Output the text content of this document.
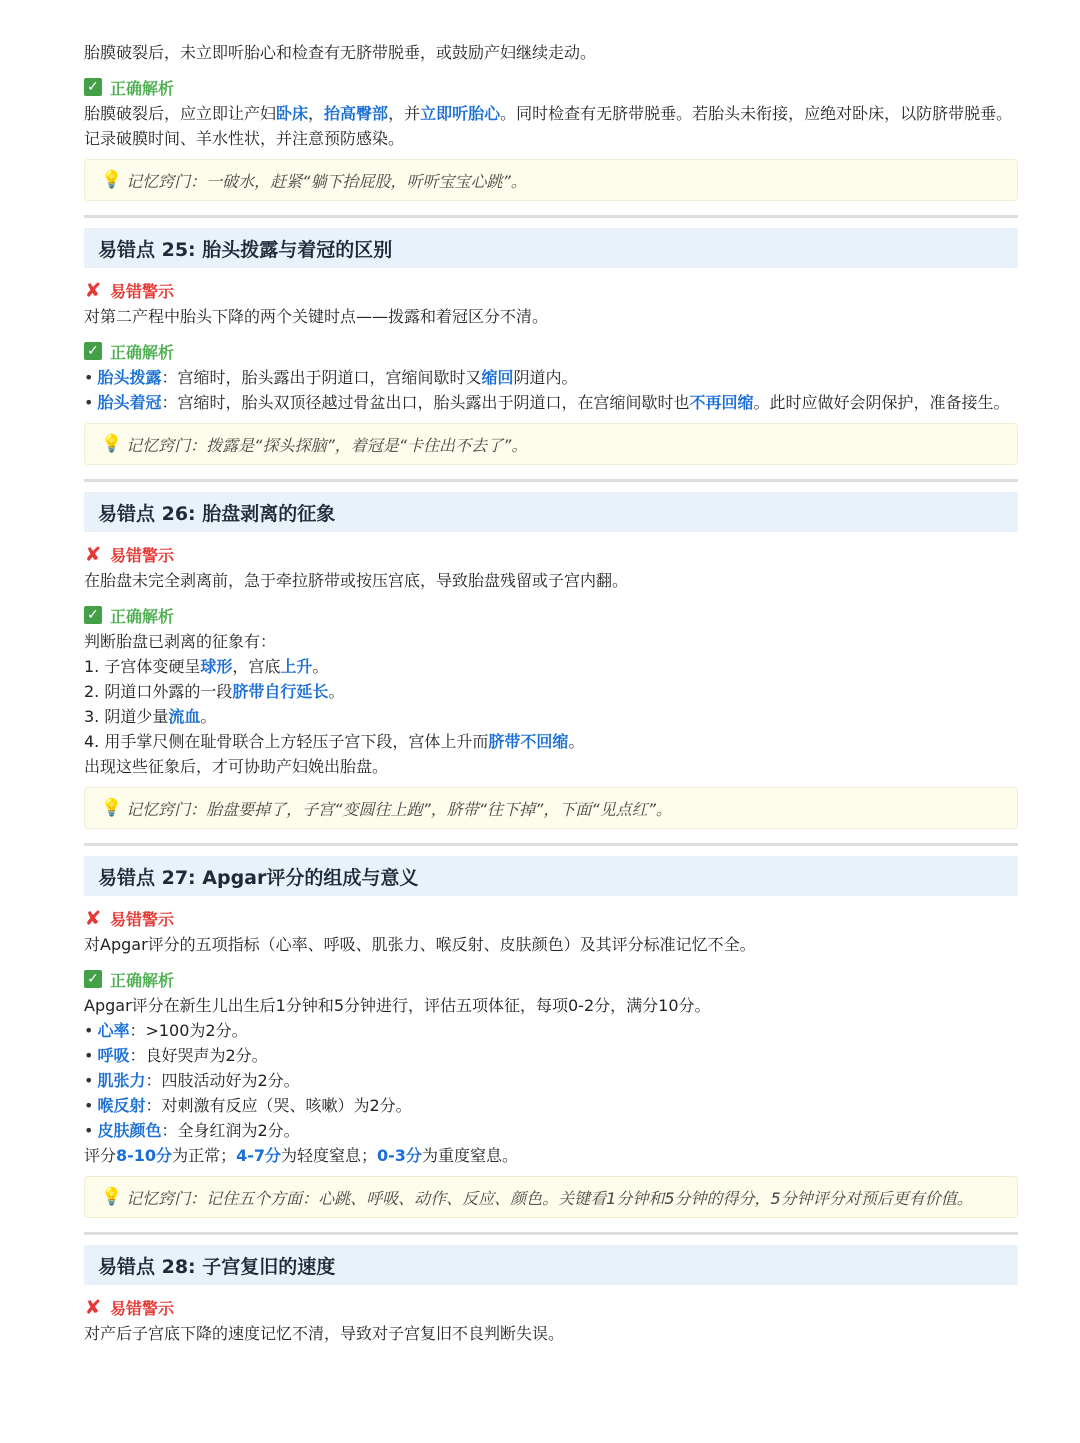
胎膜破裂后，未立即听胎心和检查有无脐带脱垂，或鼓励产妇继续走动。

✓ 正确解析

胎膜破裂后，应立即让产妇卧床，抬高臀部，并立即听胎心。同时检查有无脐带脱垂。若胎头未衔接，应绝对卧床，以防脐带脱垂。记录破膜时间、羊水性状，并注意预防感染。

💡 记忆窍门：一破水，赶紧“躺下抬屁股，听听宝宝心跳”。
易错点 25: 胎头拨露与着冠的区别
✘ 易错警示

对第二产程中胎头下降的两个关键时点——拨露和着冠区分不清。

✓ 正确解析

• 胎头拨露：宫缩时，胎头露出于阴道口，宫缩间歇时又缩回阴道内。

• 胎头着冠：宫缩时，胎头双顶径越过骨盆出口，胎头露出于阴道口，在宫缩间歇时也不再回缩。此时应做好会阴保护，准备接生。

💡 记忆窍门：拨露是“探头探脑”，着冠是“卡住出不去了”。
易错点 26: 胎盘剥离的征象
✘ 易错警示

在胎盘未完全剥离前，急于牵拉脐带或按压宫底，导致胎盘残留或子宫内翻。

✓ 正确解析

判断胎盘已剥离的征象有：

1. 子宫体变硬呈球形，宫底上升。

2. 阴道口外露的一段脐带自行延长。

3. 阴道少量流血。

4. 用手掌尺侧在耻骨联合上方轻压子宫下段，宫体上升而脐带不回缩。

出现这些征象后，才可协助产妇娩出胎盘。

💡 记忆窍门：胎盘要掉了，子宫“变圆往上跑”，脐带“往下掉”，下面“见点红”。
易错点 27: Apgar评分的组成与意义
✘ 易错警示

对Apgar评分的五项指标（心率、呼吸、肌张力、喉反射、皮肤颜色）及其评分标准记忆不全。

✓ 正确解析

Apgar评分在新生儿出生后1分钟和5分钟进行，评估五项体征，每项0-2分，满分10分。

• 心率：>100为2分。

• 呼吸：良好哭声为2分。

• 肌张力：四肢活动好为2分。

• 喉反射：对刺激有反应（哭、咳嗽）为2分。

• 皮肤颜色：全身红润为2分。

评分8-10分为正常；4-7分为轻度窒息；0-3分为重度窒息。

💡 记忆窍门：记住五个方面：心跳、呼吸、动作、反应、颜色。关键看1分钟和5分钟的得分，5分钟评分对预后更有价值。
易错点 28: 子宫复旧的速度
✘ 易错警示

对产后子宫底下降的速度记忆不清，导致对子宫复旧不良判断失误。
